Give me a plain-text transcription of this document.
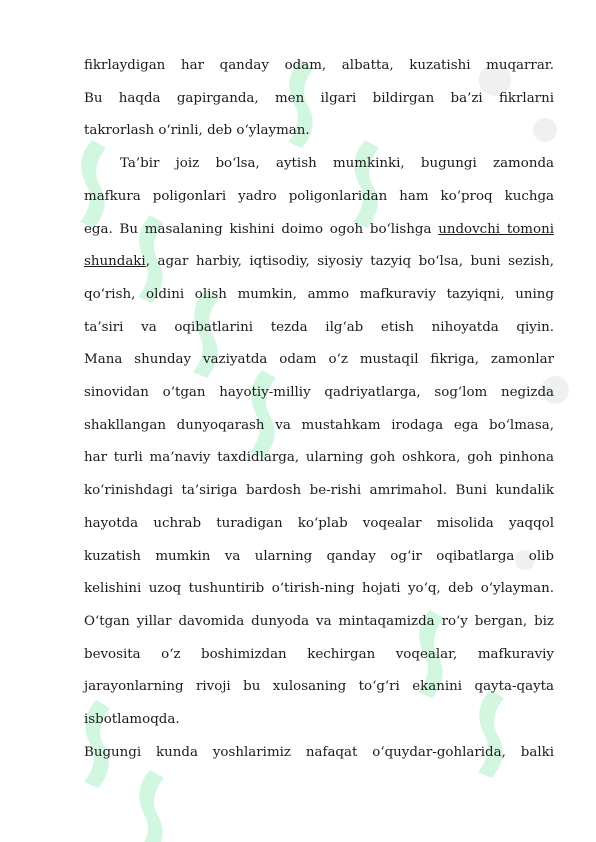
fikrlaydigan har qanday odam, albatta, kuzatishi muqarrar.
Bu haqda gapirganda, men ilgari bildirgan ba’zi fikrlarni

takrorlash o‘rinli, deb o‘ylayman.

Ta’bir joiz bo‘lsa, aytish mumkinki, bugungi zamonda

mafkura poligonlari yadro poligonlaridan ham ko‘proq kuchga
ega. Bu masalaning kishini doimo ogoh bo‘lishga undovchi tomoni
shundaki, agar harbiy, iqtisodiy, siyosiy tazyiq bo‘lsa, buni sezish,
qo‘rish, oldini olish mumkin, ammo mafkuraviy tazyiqni, uning
ta’siri va oqibatlarini tezda ilg‘ab etish nihoyatda qiyin.
Mana shunday vaziyatda odam o‘z mustaqil fikriga, zamonlar
sinovidan o‘tgan hayotiy-milliy qadriyatlarga, sog‘lom negizda
shakllangan dunyoqarash va mustahkam irodaga ega bo‘lmasa,
har turli ma’naviy taxdidlarga, ularning goh oshkora, goh pinhona
ko‘rinishdagi ta’siriga bardosh be-rishi amrimahol. Buni kundalik
hayotda uchrab turadigan ko‘plab voqealar misolida yaqqol
kuzatish mumkin va ularning qanday og‘ir oqibatlarga olib
kelishini uzoq tushuntirib o‘tirish-ning hojati yo‘q, deb o‘ylayman.
O‘tgan yillar davomida dunyoda va mintaqamizda ro‘y bergan, biz
bevosita o‘z boshimizdan kechirgan voqealar, mafkuraviy
jarayonlarning rivoji bu xulosaning to‘g‘ri ekanini qayta-qayta

isbotlamoqda.

Bugungi kunda yoshlarimiz nafaqat o‘quydar-gohlarida, balki
